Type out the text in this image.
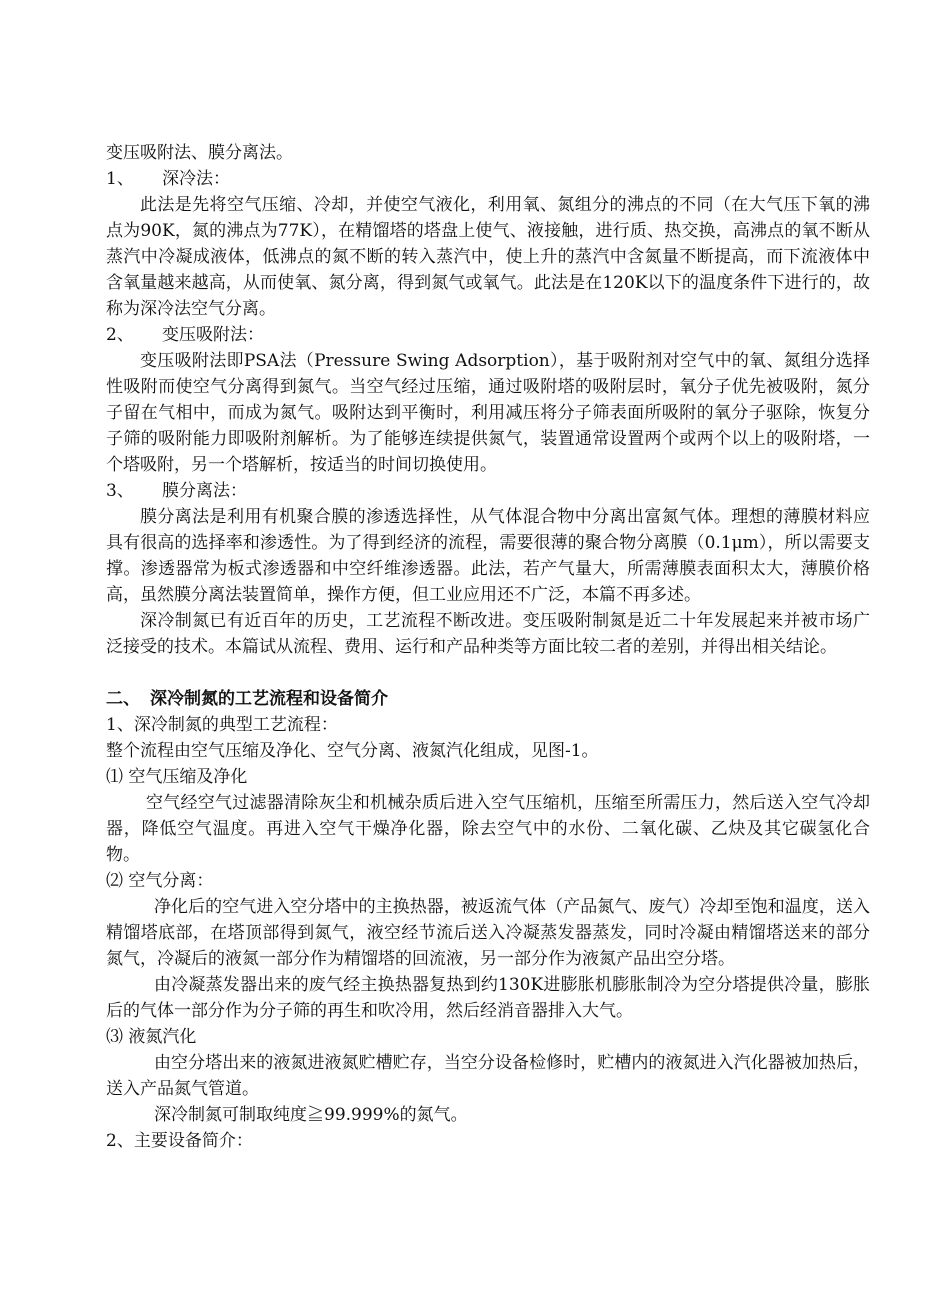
变压吸附法、膜分离法。
1、 深冷法：

此法是先将空气压缩、冷却，并使空气液化，利用氧、氮组分的沸点的不同（在大气压下氧的沸点为90K，氮的沸点为77K），在精馏塔的塔盘上使气、液接触，进行质、热交换，高沸点的氧不断从蒸汽中冷凝成液体，低沸点的氮不断的转入蒸汽中，使上升的蒸汽中含氮量不断提高，而下流液体中含氧量越来越高，从而使氧、氮分离，得到氮气或氧气。此法是在120K以下的温度条件下进行的，故称为深冷法空气分离。

2、 变压吸附法：

变压吸附法即PSA法（Pressure Swing Adsorption），基于吸附剂对空气中的氧、氮组分选择性吸附而使空气分离得到氮气。当空气经过压缩，通过吸附塔的吸附层时，氧分子优先被吸附，氮分子留在气相中，而成为氮气。吸附达到平衡时，利用减压将分子筛表面所吸附的氧分子驱除，恢复分子筛的吸附能力即吸附剂解析。为了能够连续提供氮气，装置通常设置两个或两个以上的吸附塔，一个塔吸附，另一个塔解析，按适当的时间切换使用。

3、 膜分离法：

膜分离法是利用有机聚合膜的渗透选择性，从气体混合物中分离出富氮气体。理想的薄膜材料应具有很高的选择率和渗透性。为了得到经济的流程，需要很薄的聚合物分离膜（0.1μm），所以需要支撑。渗透器常为板式渗透器和中空纤维渗透器。此法，若产气量大，所需薄膜表面积太大，薄膜价格高，虽然膜分离法装置简单，操作方便，但工业应用还不广泛，本篇不再多述。

深冷制氮已有近百年的历史，工艺流程不断改进。变压吸附制氮是近二十年发展起来并被市场广泛接受的技术。本篇试从流程、费用、运行和产品种类等方面比较二者的差别，并得出相关结论。

二、 深冷制氮的工艺流程和设备简介
1、深冷制氮的典型工艺流程：
整个流程由空气压缩及净化、空气分离、液氮汽化组成，见图-1。
⑴ 空气压缩及净化

空气经空气过滤器清除灰尘和机械杂质后进入空气压缩机，压缩至所需压力，然后送入空气冷却器，降低空气温度。再进入空气干燥净化器，除去空气中的水份、二氧化碳、乙炔及其它碳氢化合物。

⑵ 空气分离：

净化后的空气进入空分塔中的主换热器，被返流气体（产品氮气、废气）冷却至饱和温度，送入精馏塔底部，在塔顶部得到氮气，液空经节流后送入冷凝蒸发器蒸发，同时冷凝由精馏塔送来的部分氮气，冷凝后的液氮一部分作为精馏塔的回流液，另一部分作为液氮产品出空分塔。

由冷凝蒸发器出来的废气经主换热器复热到约130K进膨胀机膨胀制冷为空分塔提供冷量，膨胀后的气体一部分作为分子筛的再生和吹冷用，然后经消音器排入大气。

⑶ 液氮汽化

由空分塔出来的液氮进液氮贮槽贮存，当空分设备检修时，贮槽内的液氮进入汽化器被加热后，送入产品氮气管道。

深冷制氮可制取纯度≧99.999%的氮气。

2、主要设备简介：
